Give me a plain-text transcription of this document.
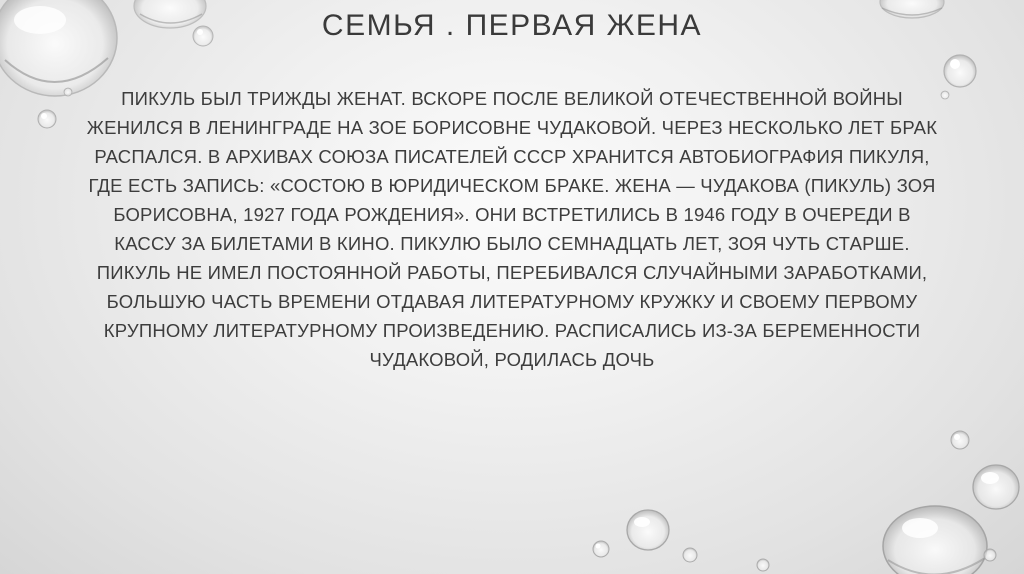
СЕМЬЯ . ПЕРВАЯ ЖЕНА
ПИКУЛЬ БЫЛ ТРИЖДЫ ЖЕНАТ. ВСКОРЕ ПОСЛЕ ВЕЛИКОЙ ОТЕЧЕСТВЕННОЙ ВОЙНЫ ЖЕНИЛСЯ В ЛЕНИНГРАДЕ НА ЗОЕ БОРИСОВНЕ ЧУДАКОВОЙ. ЧЕРЕЗ НЕСКОЛЬКО ЛЕТ БРАК РАСПАЛСЯ. В АРХИВАХ СОЮЗА ПИСАТЕЛЕЙ СССР ХРАНИТСЯ АВТОБИОГРАФИЯ ПИКУЛЯ, ГДЕ ЕСТЬ ЗАПИСЬ: «СОСТОЮ В ЮРИДИЧЕСКОМ БРАКЕ. ЖЕНА — ЧУДАКОВА (ПИКУЛЬ) ЗОЯ БОРИСОВНА, 1927 ГОДА РОЖДЕНИЯ». ОНИ ВСТРЕТИЛИСЬ В 1946 ГОДУ В ОЧЕРЕДИ В КАССУ ЗА БИЛЕТАМИ В КИНО. ПИКУЛЮ БЫЛО СЕМНАДЦАТЬ ЛЕТ, ЗОЯ ЧУТЬ СТАРШЕ. ПИКУЛЬ НЕ ИМЕЛ ПОСТОЯННОЙ РАБОТЫ, ПЕРЕБИВАЛСЯ СЛУЧАЙНЫМИ ЗАРАБОТКАМИ, БОЛЬШУЮ ЧАСТЬ ВРЕМЕНИ ОТДАВАЯ ЛИТЕРАТУРНОМУ КРУЖКУ И СВОЕМУ ПЕРВОМУ КРУПНОМУ ЛИТЕРАТУРНОМУ ПРОИЗВЕДЕНИЮ. РАСПИСАЛИСЬ ИЗ-ЗА БЕРЕМЕННОСТИ ЧУДАКОВОЙ, РОДИЛАСЬ ДОЧЬ
